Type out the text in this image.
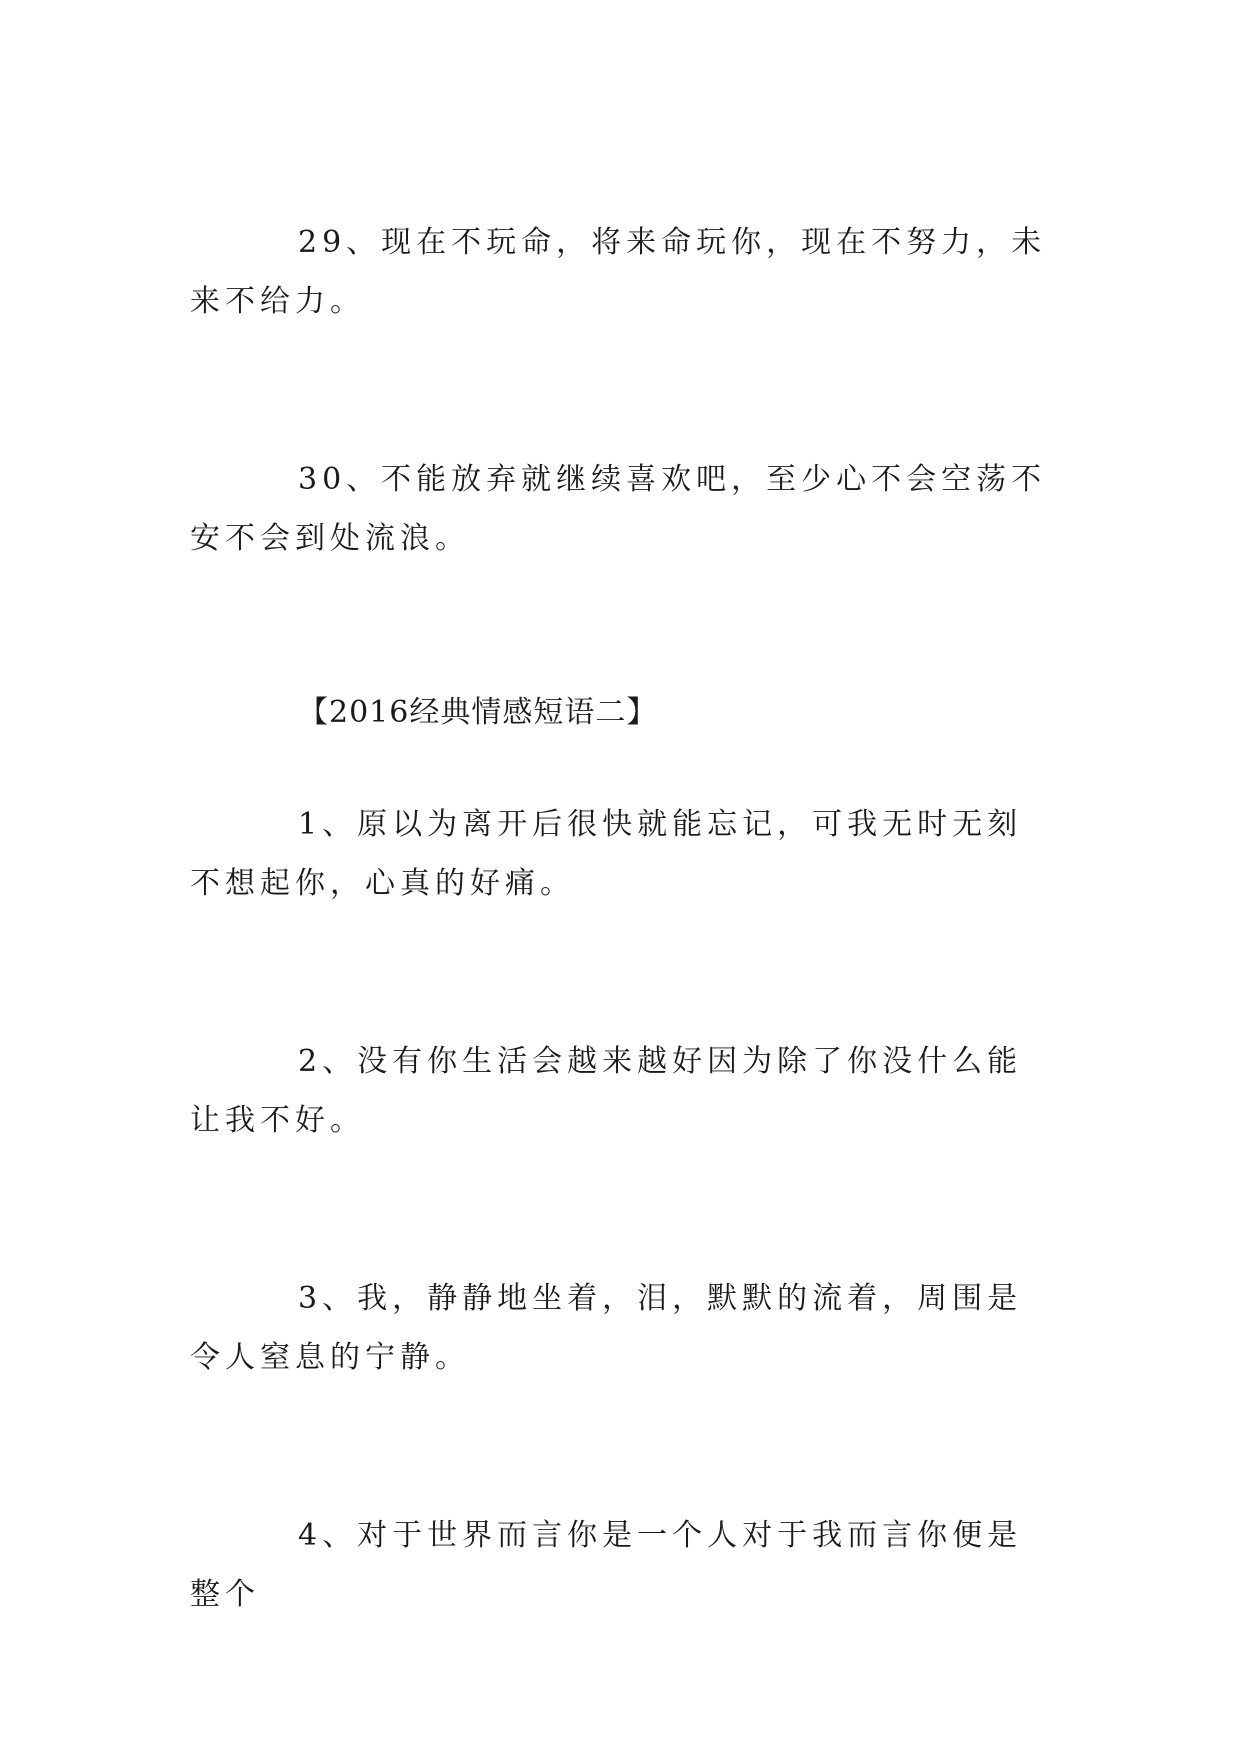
29、现在不玩命，将来命玩你，现在不努力，未来不给力。

30、不能放弃就继续喜欢吧，至少心不会空荡不安不会到处流浪。

【2016经典情感短语二】

1、原以为离开后很快就能忘记，可我无时无刻不想起你，心真的好痛。

2、没有你生活会越来越好因为除了你没什么能让我不好。

3、我，静静地坐着，泪，默默的流着，周围是令人窒息的宁静。

4、对于世界而言你是一个人对于我而言你便是整个
